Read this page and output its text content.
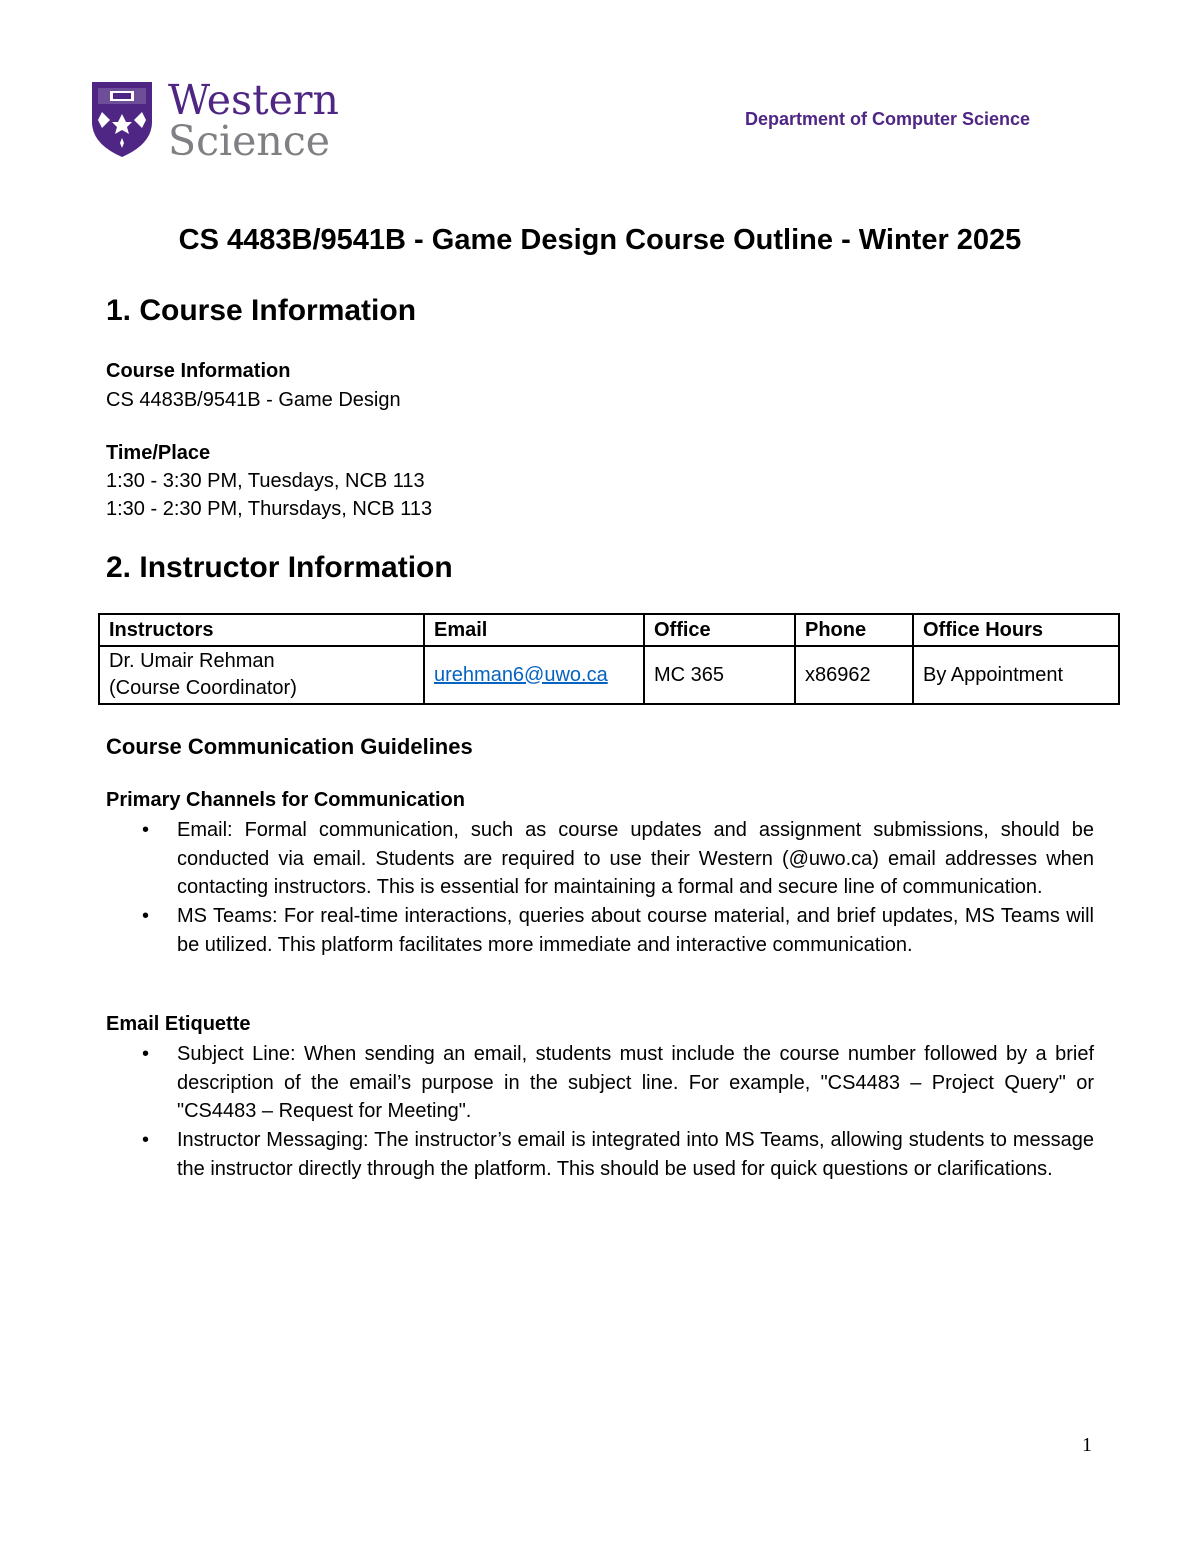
Western
Science	Department of Computer Science
CS 4483B/9541B - Game Design Course Outline - Winter 2025
1. Course Information
Course Information
CS 4483B/9541B - Game Design
Time/Place
1:30 - 3:30 PM, Tuesdays, NCB 113
1:30 - 2:30 PM, Thursdays, NCB 113
2. Instructor Information
Instructors	Email	Office	Phone	Office Hours

Dr. Umair Rehman
(Course Coordinator)	urehman6@uwo.ca	MC 365	x86962	By Appointment
Course Communication Guidelines
Primary Channels for Communication
• Email: Formal communication, such as course updates and assignment submissions, should be conducted via email. Students are required to use their Western (@uwo.ca) email addresses when contacting instructors. This is essential for maintaining a formal and secure line of communication.
• MS Teams: For real-time interactions, queries about course material, and brief updates, MS Teams will be utilized. This platform facilitates more immediate and interactive communication.
Email Etiquette
• Subject Line: When sending an email, students must include the course number followed by a brief description of the email’s purpose in the subject line. For example, "CS4483 – Project Query" or "CS4483 – Request for Meeting".
• Instructor Messaging: The instructor’s email is integrated into MS Teams, allowing students to message the instructor directly through the platform. This should be used for quick questions or clarifications.
1
